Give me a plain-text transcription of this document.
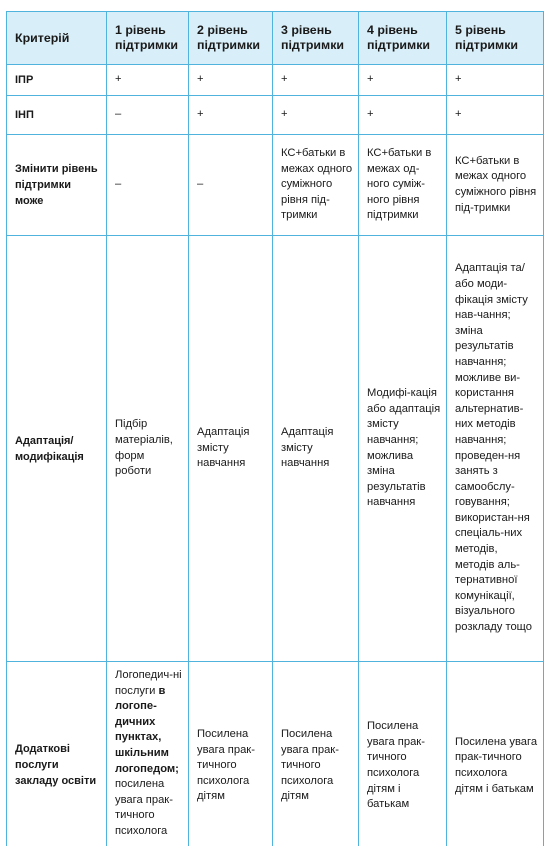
Критерій	1 рівень підтримки	2 рівень підтримки	3 рівень підтримки	4 рівень підтримки	5 рівень підтримки
ІПР	+	+	+	+	+
ІНП	–	+	+	+	+
Змінити рівень підтримки може	–	–	КС+батьки в межах одного суміжного рівня під-тримки	КС+батьки в межах од-ного суміж-ного рівня підтримки	КС+батьки в межах одного суміжного рівня під-тримки
Адаптація/ модифікація	Підбір матеріалів, форм роботи	Адаптація змісту навчання	Адаптація змісту навчання	Модифі-кація або адаптація змісту навчання; можлива зміна результатів навчання	Адаптація та/або моди-фікація змісту нав-чання; зміна результатів навчання; можливе ви-користання альтернатив-них методів навчання; проведен-ня занять з самообслу-говування; використан-ня спеціаль-них методів, методів аль-тернативної комунікації, візуального розкладу тощо
Додаткові послуги закладу освіти	Логопедич-ні послуги в логопе-дичних пунктах, шкільним логопедом; посилена увага прак-тичного психолога	Посилена увага прак-тичного психолога дітям	Посилена увага прак-тичного психолога дітям	Посилена увага прак-тичного психолога дітям і батькам	Посилена увага прак-тичного психолога дітям і батькам
